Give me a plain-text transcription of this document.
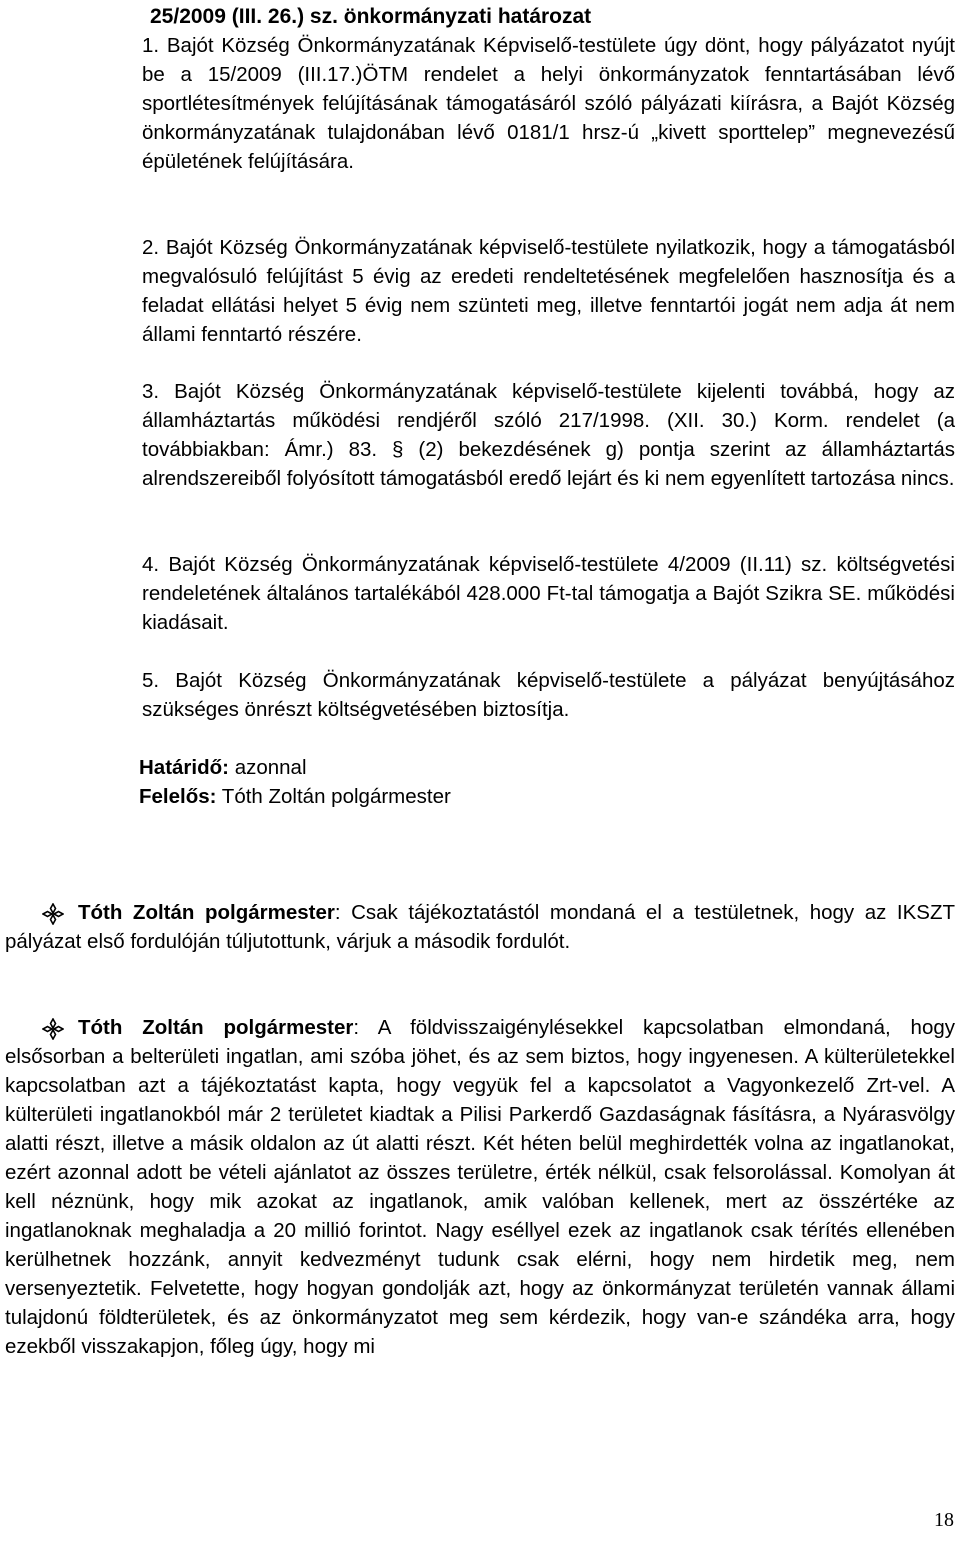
25/2009 (III. 26.) sz. önkormányzati határozat
1. Bajót Község Önkormányzatának Képviselő-testülete úgy dönt, hogy pályázatot nyújt be a 15/2009 (III.17.)ÖTM rendelet a helyi önkormányzatok fenntartásában lévő sportlétesítmények felújításának támogatásáról szóló pályázati kiírásra, a Bajót Község önkormányzatának tulajdonában lévő 0181/1 hrsz-ú „kivett sporttelep” megnevezésű épületének felújítására.
2. Bajót Község Önkormányzatának képviselő-testülete nyilatkozik, hogy a támogatásból megvalósuló felújítást 5 évig az eredeti rendeltetésének megfelelően hasznosítja és a feladat ellátási helyet 5 évig nem szünteti meg, illetve fenntartói jogát nem adja át nem állami fenntartó részére.
3. Bajót Község Önkormányzatának képviselő-testülete kijelenti továbbá, hogy az államháztartás működési rendjéről szóló 217/1998. (XII. 30.) Korm. rendelet (a továbbiakban: Ámr.) 83. § (2) bekezdésének g) pontja szerint az államháztartás alrendszereiből folyósított támogatásból eredő lejárt és ki nem egyenlített tartozása nincs.
4. Bajót Község Önkormányzatának képviselő-testülete 4/2009 (II.11) sz. költségvetési rendeletének általános tartalékából 428.000 Ft-tal támogatja a Bajót Szikra SE. működési kiadásait.
5. Bajót Község Önkormányzatának képviselő-testülete a pályázat benyújtásához szükséges önrészt költségvetésében biztosítja.
Határidő: azonnal
Felelős: Tóth Zoltán polgármester
Tóth Zoltán polgármester: Csak tájékoztatástól mondaná el a testületnek, hogy az IKSZT pályázat első fordulóján túljutottunk, várjuk a második fordulót.
Tóth Zoltán polgármester: A földvisszaigénylésekkel kapcsolatban elmondaná, hogy elsősorban a belterületi ingatlan, ami szóba jöhet, és az sem biztos, hogy ingyenesen. A külterületekkel kapcsolatban azt a tájékoztatást kapta, hogy vegyük fel a kapcsolatot a Vagyonkezelő Zrt-vel. A külterületi ingatlanokból már 2 területet kiadtak a Pilisi Parkerdő Gazdaságnak fásításra, a Nyárasvölgy alatti részt, illetve a másik oldalon az út alatti részt. Két héten belül meghirdették volna az ingatlanokat, ezért azonnal adott be vételi ajánlatot az összes területre, érték nélkül, csak felsorolással. Komolyan át kell néznünk, hogy mik azokat az ingatlanok, amik valóban kellenek, mert az összértéke az ingatlanoknak meghaladja a 20 millió forintot. Nagy eséllyel ezek az ingatlanok csak térítés ellenében kerülhetnek hozzánk, annyit kedvezményt tudunk csak elérni, hogy nem hirdetik meg, nem versenyeztetik. Felvetette, hogy hogyan gondolják azt, hogy az önkormányzat területén vannak állami tulajdonú földterületek, és az önkormányzatot meg sem kérdezik, hogy van-e szándéka arra, hogy ezekből visszakapjon, főleg úgy, hogy mi
18
